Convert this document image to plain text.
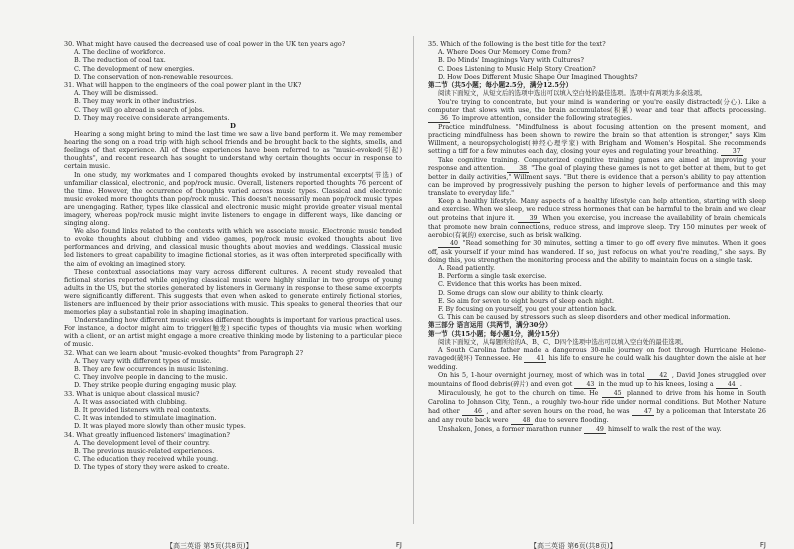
30. What might have caused the decreased use of coal power in the UK ten years ago?
A. The decline of workforce.
B. The reduction of coal tax.
C. The development of new energies.
D. The conservation of non-renewable resources.
31. What will happen to the engineers of the coal power plant in the UK?
A. They will be dismissed.
B. They may work in other industries.
C. They will go abroad in search of jobs.
D. They may receive considerate arrangements.
D
Hearing a song might bring to mind the last time we saw a live band perform it. We may remember hearing the song on a road trip with high school friends and be brought back to the sights, smells, and feelings of that experience. All of these experiences have been referred to as "music-evoked(引起) thoughts", and recent research has sought to understand why certain thoughts occur in response to certain music.
In one study, my workmates and I compared thoughts evoked by instrumental excerpts(节选) of unfamiliar classical, electronic, and pop/rock music. Overall, listeners reported thoughts 76 percent of the time. However, the occurrence of thoughts varied across music types. Classical and electronic music evoked more thoughts than pop/rock music. This doesn't necessarily mean pop/rock music types are unengaging. Rather, types like classical and electronic music might provide greater visual mental imagery, whereas pop/rock music might invite listeners to engage in different ways, like dancing or singing along.
We also found links related to the contexts with which we associate music. Electronic music tended to evoke thoughts about clubbing and video games, pop/rock music evoked thoughts about live performances and driving, and classical music thoughts about movies and weddings. Classical music led listeners to great capability to imagine fictional stories, as it was often interpreted specifically with the aim of evoking an imagined story.
These contextual associations may vary across different cultures. A recent study revealed that fictional stories reported while enjoying classical music were highly similar in two groups of young adults in the US, but the stories generated by listeners in Germany in response to these same excerpts were significantly different. This suggests that even when asked to generate entirely fictional stories, listeners are influenced by their prior associations with music. This speaks to general theories that our memories play a substantial role in shaping imagination.
Understanding how different music evokes different thoughts is important for various practical uses. For instance, a doctor might aim to trigger(触发) specific types of thoughts via music when working with a client, or an artist might engage a more creative thinking mode by listening to a particular piece of music.
32. What can we learn about "music-evoked thoughts" from Paragraph 2?
A. They vary with different types of music.
B. They are few occurrences in music listening.
C. They involve people in dancing to the music.
D. They strike people during engaging music play.
33. What is unique about classical music?
A. It was associated with clubbing.
B. It provided listeners with real contexts.
C. It was intended to stimulate imagination.
D. It was played more slowly than other music types.
34. What greatly influenced listeners' imagination?
A. The development level of their country.
B. The previous music-related experiences.
C. The education they received while young.
D. The types of story they were asked to create.
【高三英语 第5页(共8页)】	FJ
35. Which of the following is the best title for the text?
A. Where Does Our Memory Come from?
B. Do Minds' Imaginings Vary with Cultures?
C. Does Listening to Music Help Story Creation?
D. How Does Different Music Shape Our Imagined Thoughts?
第二节（共5小题；每小题2.5分，满分12.5分）
阅读下面短文，从短文后的选项中选出可以填入空白处的最佳选项。选项中有两项为多余选项。
You're trying to concentrate, but your mind is wandering or you're easily distracted(分心). Like a computer that slows with use, the brain accumulates(积累) wear and tear that affects processing. 36 To improve attention, consider the following strategies.
Practice mindfulness. "Mindfulness is about focusing attention on the present moment, and practicing mindfulness has been shown to rewire the brain so that attention is stronger," says Kim Willment, a neuropsychologist(神经心理学家) with Brigham and Women's Hospital. She recommends setting a tiff for a few minutes each day, closing your eyes and regulating your breathing. 37
Take cognitive training. Computerized cognitive training games are aimed at improving your response and attention. 38 "The goal of playing these games is not to get better at them, but to get better in daily activities," Willment says. "But there is evidence that a person's ability to pay attention can be improved by progressively pushing the person to higher levels of performance and this may translate to everyday life."
Keep a healthy lifestyle. Many aspects of a healthy lifestyle can help attention, starting with sleep and exercise. When we sleep, we reduce stress hormones that can be harmful to the brain and we clear out proteins that injure it. 39 When you exercise, you increase the availability of brain chemicals that promote new brain connections, reduce stress, and improve sleep. Try 150 minutes per week of aerobic(有氧的) exercise, such as brisk walking.
40 "Read something for 30 minutes, setting a timer to go off every five minutes. When it goes off, ask yourself if your mind has wandered. If so, just refocus on what you're reading," she says. By doing this, you strengthen the monitoring process and the ability to maintain focus on a single task.
A. Read patiently.
B. Perform a single task exercise.
C. Evidence that this works has been mixed.
D. Some drugs can slow our ability to think clearly.
E. So aim for seven to eight hours of sleep each night.
F. By focusing on yourself, you get your attention back.
G. This can be caused by stressors such as sleep disorders and other medical information.
第三部分 语言运用（共两节，满分30分）
第一节（共15小题；每小题1分，满分15分）
阅读下面短文，从每题所给的A、B、C、D四个选项中选出可以填入空白处的最佳选项。
A South Carolina father made a dangerous 30-mile journey on foot through Hurricane Helene-ravaged(破坏) Tennessee. He 41 his life to ensure he could walk his daughter down the aisle at her wedding.
On his 5, 1-hour overnight journey, most of which was in total 42 , David Jones struggled over mountains of flood debris(碎片) and even got 43 in the mud up to his knees, losing a 44 .
Miraculously, he got to the church on time. He 45 planned to drive from his home in South Carolina to Johnson City, Tenn., a roughly two-hour ride under normal conditions. But Mother Nature had other 46 , and after seven hours on the road, he was 47 by a policeman that Interstate 26 and any route back were 48 due to severe flooding.
Unshaken, Jones, a former marathon runner 49 himself to walk the rest of the way.
【高三英语 第6页(共8页)】	FJ
